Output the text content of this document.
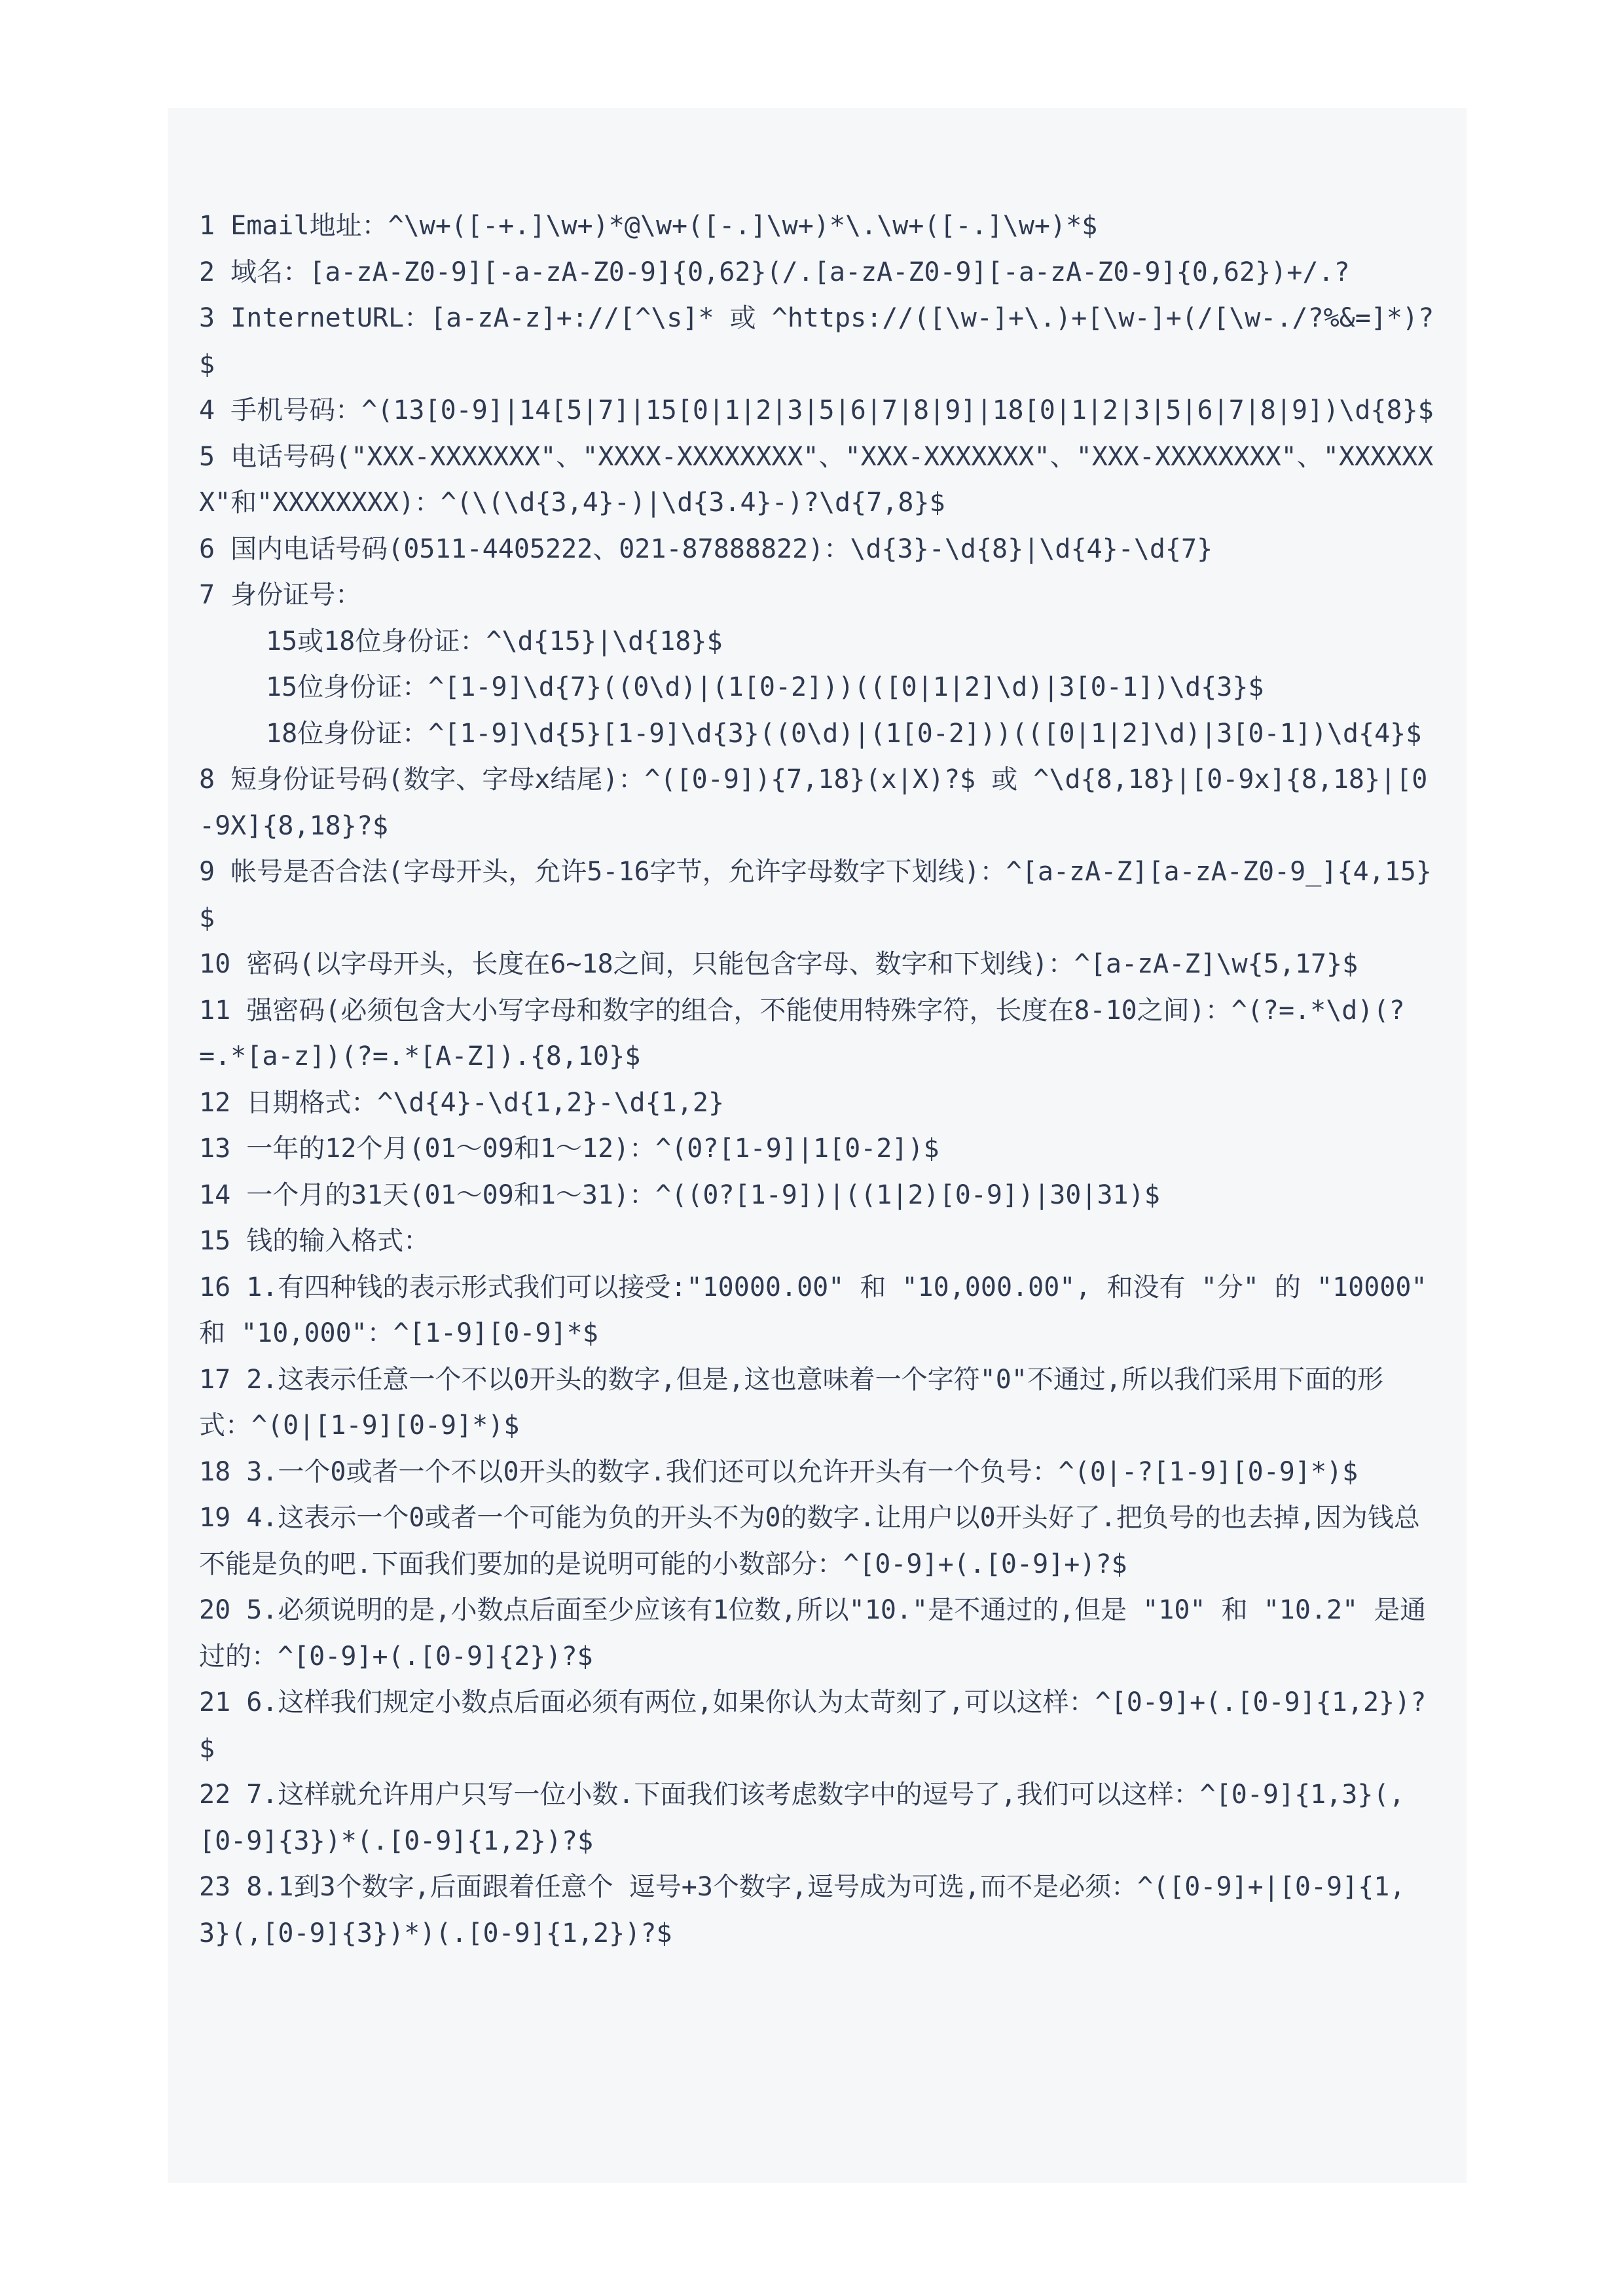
1 Email地址：^\w+([-+.]\w+)*@\w+([-.]\w+)*\.\w+([-.]\w+)*$

2 域名：[a-zA-Z0-9][-a-zA-Z0-9]{0,62}(/.[a-zA-Z0-9][-a-zA-Z0-9]{0,62})+/.?

3 InternetURL：[a-zA-z]+://[^\s]* 或 ^https://([\w-]+\.)+[\w-]+(/[\w-./?%&=]*)?$

4 手机号码：^(13[0-9]|14[5|7]|15[0|1|2|3|5|6|7|8|9]|18[0|1|2|3|5|6|7|8|9])\d{8}$

5 电话号码("XXX-XXXXXXX"、"XXXX-XXXXXXXX"、"XXX-XXXXXXX"、"XXX-XXXXXXXX"、"XXXXXXX"和"XXXXXXXX)：^(\(\d{3,4}-)|\d{3.4}-)?\d{7,8}$

6 国内电话号码(0511-4405222、021-87888822)：\d{3}-\d{8}|\d{4}-\d{7}

7 身份证号：

15或18位身份证：^\d{15}|\d{18}$

15位身份证：^[1-9]\d{7}((0\d)|(1[0-2]))(([0|1|2]\d)|3[0-1])\d{3}$

18位身份证：^[1-9]\d{5}[1-9]\d{3}((0\d)|(1[0-2]))(([0|1|2]\d)|3[0-1])\d{4}$

8 短身份证号码(数字、字母x结尾)：^([0-9]){7,18}(x|X)?$ 或 ^\d{8,18}|[0-9x]{8,18}|[0-9X]{8,18}?$

9 帐号是否合法(字母开头，允许5-16字节，允许字母数字下划线)：^[a-zA-Z][a-zA-Z0-9_]{4,15}$

10 密码(以字母开头，长度在6~18之间，只能包含字母、数字和下划线)：^[a-zA-Z]\w{5,17}$

11 强密码(必须包含大小写字母和数字的组合，不能使用特殊字符，长度在8-10之间)：^(?=.*\d)(?=.*[a-z])(?=.*[A-Z]).{8,10}$

12 日期格式：^\d{4}-\d{1,2}-\d{1,2}

13 一年的12个月(01～09和1～12)：^(0?[1-9]|1[0-2])$

14 一个月的31天(01～09和1～31)：^((0?[1-9])|((1|2)[0-9])|30|31)$

15 钱的输入格式：

16 1.有四种钱的表示形式我们可以接受:"10000.00" 和 "10,000.00", 和没有 "分" 的 "10000" 和 "10,000"：^[1-9][0-9]*$

17 2.这表示任意一个不以0开头的数字,但是,这也意味着一个字符"0"不通过,所以我们采用下面的形式：^(0|[1-9][0-9]*)$

18 3.一个0或者一个不以0开头的数字.我们还可以允许开头有一个负号：^(0|-?[1-9][0-9]*)$

19 4.这表示一个0或者一个可能为负的开头不为0的数字.让用户以0开头好了.把负号的也去掉,因为钱总不能是负的吧.下面我们要加的是说明可能的小数部分：^[0-9]+(.[0-9]+)?$

20 5.必须说明的是,小数点后面至少应该有1位数,所以"10."是不通过的,但是 "10" 和 "10.2" 是通过的：^[0-9]+(.[0-9]{2})?$

21 6.这样我们规定小数点后面必须有两位,如果你认为太苛刻了,可以这样：^[0-9]+(.[0-9]{1,2})?$

22 7.这样就允许用户只写一位小数.下面我们该考虑数字中的逗号了,我们可以这样：^[0-9]{1,3}(,[0-9]{3})*(.[0-9]{1,2})?$

23 8.1到3个数字,后面跟着任意个 逗号+3个数字,逗号成为可选,而不是必须：^([0-9]+|[0-9]{1,3}(,[0-9]{3})*)(.[0-9]{1,2})?$
